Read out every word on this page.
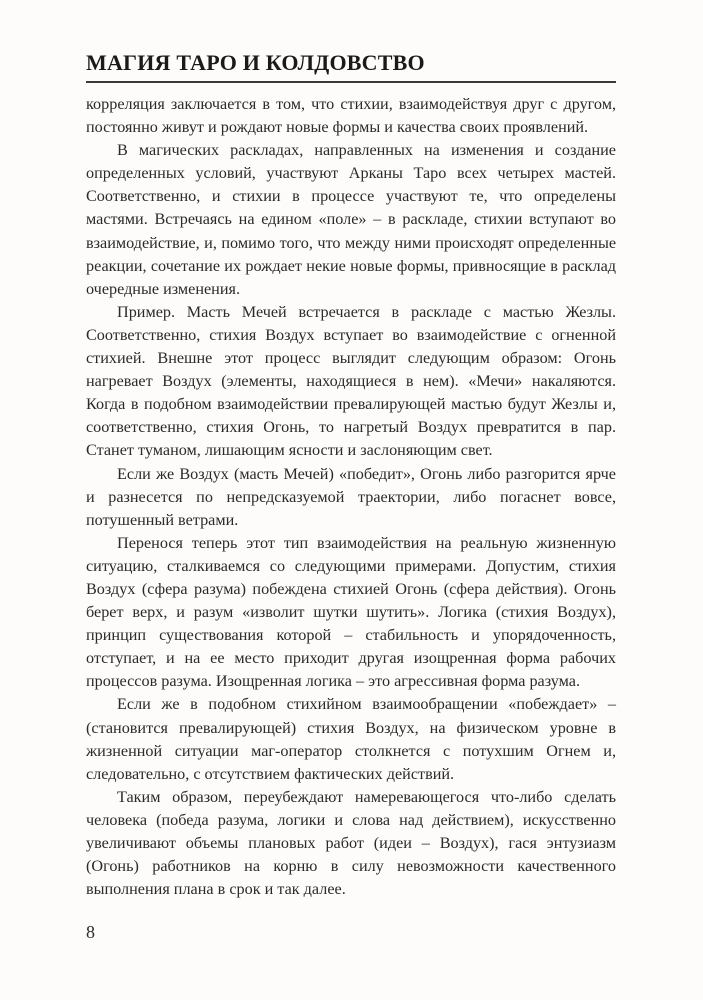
МАГИЯ ТАРО И КОЛДОВСТВО

корреляция заключается в том, что стихии, взаимодействуя друг с другом, постоянно живут и рождают новые формы и качества своих проявлений.

В магических раскладах, направленных на изменения и создание определенных условий, участвуют Арканы Таро всех четырех мастей. Соответственно, и стихии в процессе участвуют те, что определены мастями. Встречаясь на едином «поле» – в раскладе, стихии вступают во взаимодействие, и, помимо того, что между ними происходят определенные реакции, сочетание их рождает некие новые формы, привносящие в расклад очередные изменения.

Пример. Масть Мечей встречается в раскладе с мастью Жезлы. Соответственно, стихия Воздух вступает во взаимодействие с огненной стихией. Внешне этот процесс выглядит следующим образом: Огонь нагревает Воздух (элементы, находящиеся в нем). «Мечи» накаляются. Когда в подобном взаимодействии превалирующей мастью будут Жезлы и, соответственно, стихия Огонь, то нагретый Воздух превратится в пар. Станет туманом, лишающим ясности и заслоняющим свет.

Если же Воздух (масть Мечей) «победит», Огонь либо разгорится ярче и разнесется по непредсказуемой траектории, либо погаснет вовсе, потушенный ветрами.

Перенося теперь этот тип взаимодействия на реальную жизненную ситуацию, сталкиваемся со следующими примерами. Допустим, стихия Воздух (сфера разума) побеждена стихией Огонь (сфера действия). Огонь берет верх, и разум «изволит шутки шутить». Логика (стихия Воздух), принцип существования которой – стабильность и упорядоченность, отступает, и на ее место приходит другая изощренная форма рабочих процессов разума. Изощренная логика – это агрессивная форма разума.

Если же в подобном стихийном взаимообращении «побеждает» – (становится превалирующей) стихия Воздух, на физическом уровне в жизненной ситуации маг-оператор столкнется с потухшим Огнем и, следовательно, с отсутствием фактических действий.

Таким образом, переубеждают намеревающегося что-либо сделать человека (победа разума, логики и слова над действием), искусственно увеличивают объемы плановых работ (идеи – Воздух), гася энтузиазм (Огонь) работников на корню в силу невозможности качественного выполнения плана в срок и так далее.

8
